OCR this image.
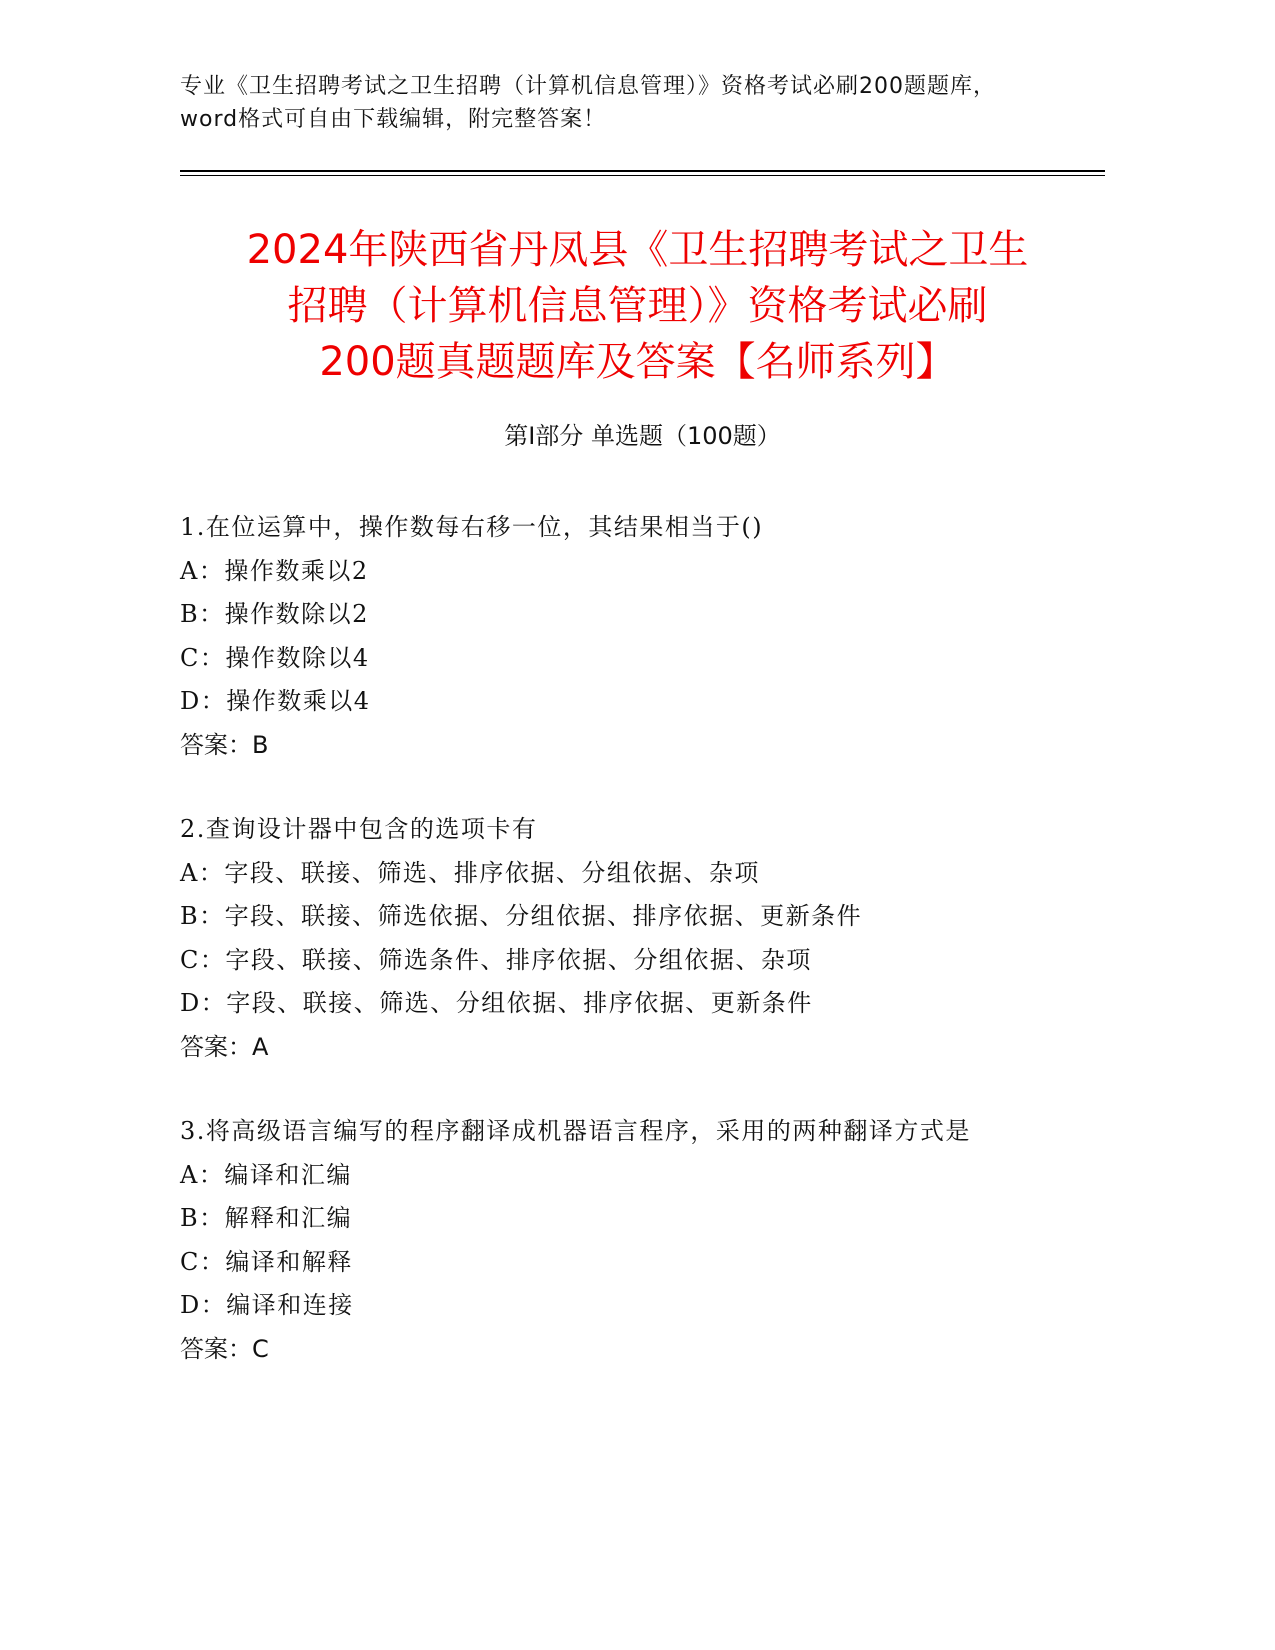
专业《卫生招聘考试之卫生招聘（计算机信息管理）》资格考试必刷200题题库，
word格式可自由下载编辑，附完整答案！
2024年陕西省丹凤县《卫生招聘考试之卫生
招聘（计算机信息管理）》资格考试必刷
200题真题题库及答案【名师系列】
第Ⅰ部分 单选题（100题）
1.在位运算中，操作数每右移一位，其结果相当于()
A：操作数乘以2
B：操作数除以2
C：操作数除以4
D：操作数乘以4
答案：B
2.查询设计器中包含的选项卡有
A：字段、联接、筛选、排序依据、分组依据、杂项
B：字段、联接、筛选依据、分组依据、排序依据、更新条件
C：字段、联接、筛选条件、排序依据、分组依据、杂项
D：字段、联接、筛选、分组依据、排序依据、更新条件
答案：A
3.将高级语言编写的程序翻译成机器语言程序，采用的两种翻译方式是
A：编译和汇编
B：解释和汇编
C：编译和解释
D：编译和连接
答案：C
